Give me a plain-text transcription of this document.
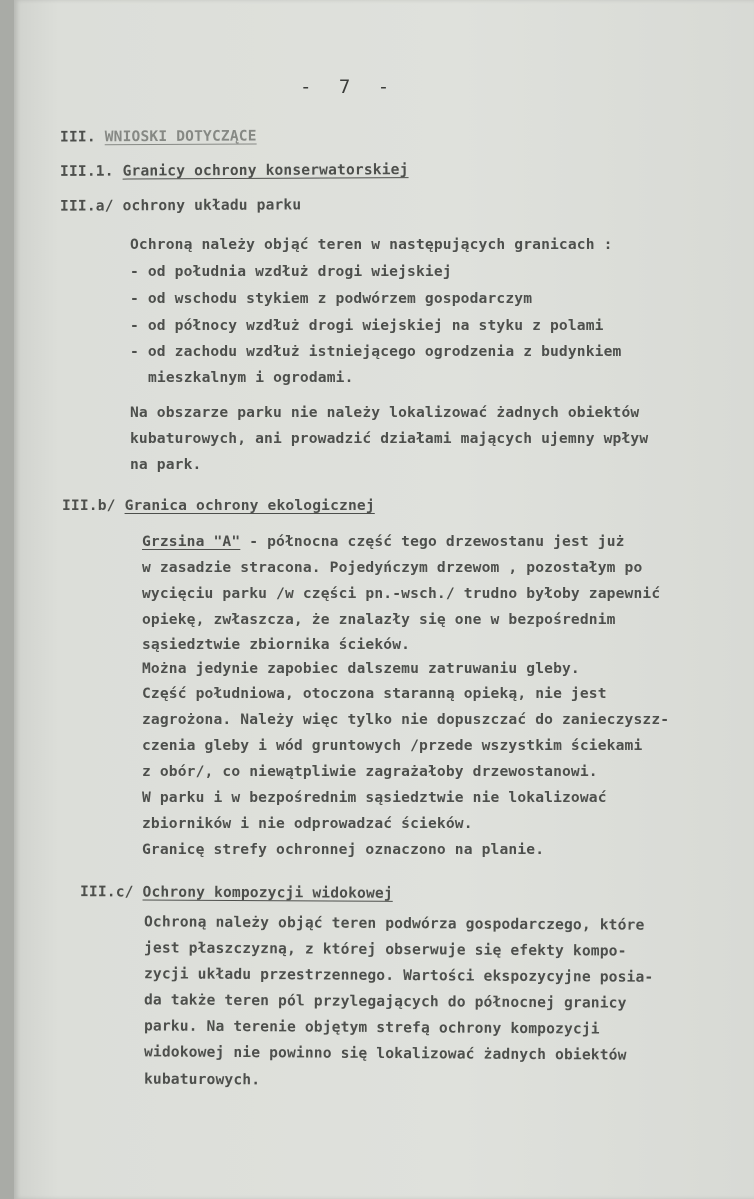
- 7 -
III. WNIOSKI DOTYCZĄCE
III.1. Granicy ochrony konserwatorskiej
III.a/ ochrony układu parku
Ochroną należy objąć teren w następujących granicach :
- od południa wzdłuż drogi wiejskiej
- od wschodu stykiem z podwórzem gospodarczym
- od północy wzdłuż drogi wiejskiej na styku z polami
- od zachodu wzdłuż istniejącego ogrodzenia z budynkiem
mieszkalnym i ogrodami.
Na obszarze parku nie należy lokalizować żadnych obiektów
kubaturowych, ani prowadzić działami mających ujemny wpływ
na park.
III.b/ Granica ochrony ekologicznej
Grzsina "A" - północna część tego drzewostanu jest już
w zasadzie stracona. Pojedyńczym drzewom , pozostałym po
wycięciu parku /w części pn.-wsch./ trudno byłoby zapewnić
opiekę, zwłaszcza, że znalazły się one w bezpośrednim
sąsiedztwie zbiornika ścieków.
Można jedynie zapobiec dalszemu zatruwaniu gleby.
Część południowa, otoczona staranną opieką, nie jest
zagrożona. Należy więc tylko nie dopuszczać do zanieczyszz-
czenia gleby i wód gruntowych /przede wszystkim ściekami
z obór/, co niewątpliwie zagrażałoby drzewostanowi.
W parku i w bezpośrednim sąsiedztwie nie lokalizować
zbiorników i nie odprowadzać ścieków.
Granicę strefy ochronnej oznaczono na planie.
III.c/ Ochrony kompozycji widokowej
Ochroną należy objąć teren podwórza gospodarczego, które
jest płaszczyzną, z której obserwuje się efekty kompo-
zycji układu przestrzennego. Wartości ekspozycyjne posia-
da także teren pól przylegających do północnej granicy
parku. Na terenie objętym strefą ochrony kompozycji
widokowej nie powinno się lokalizować żadnych obiektów
kubaturowych.
